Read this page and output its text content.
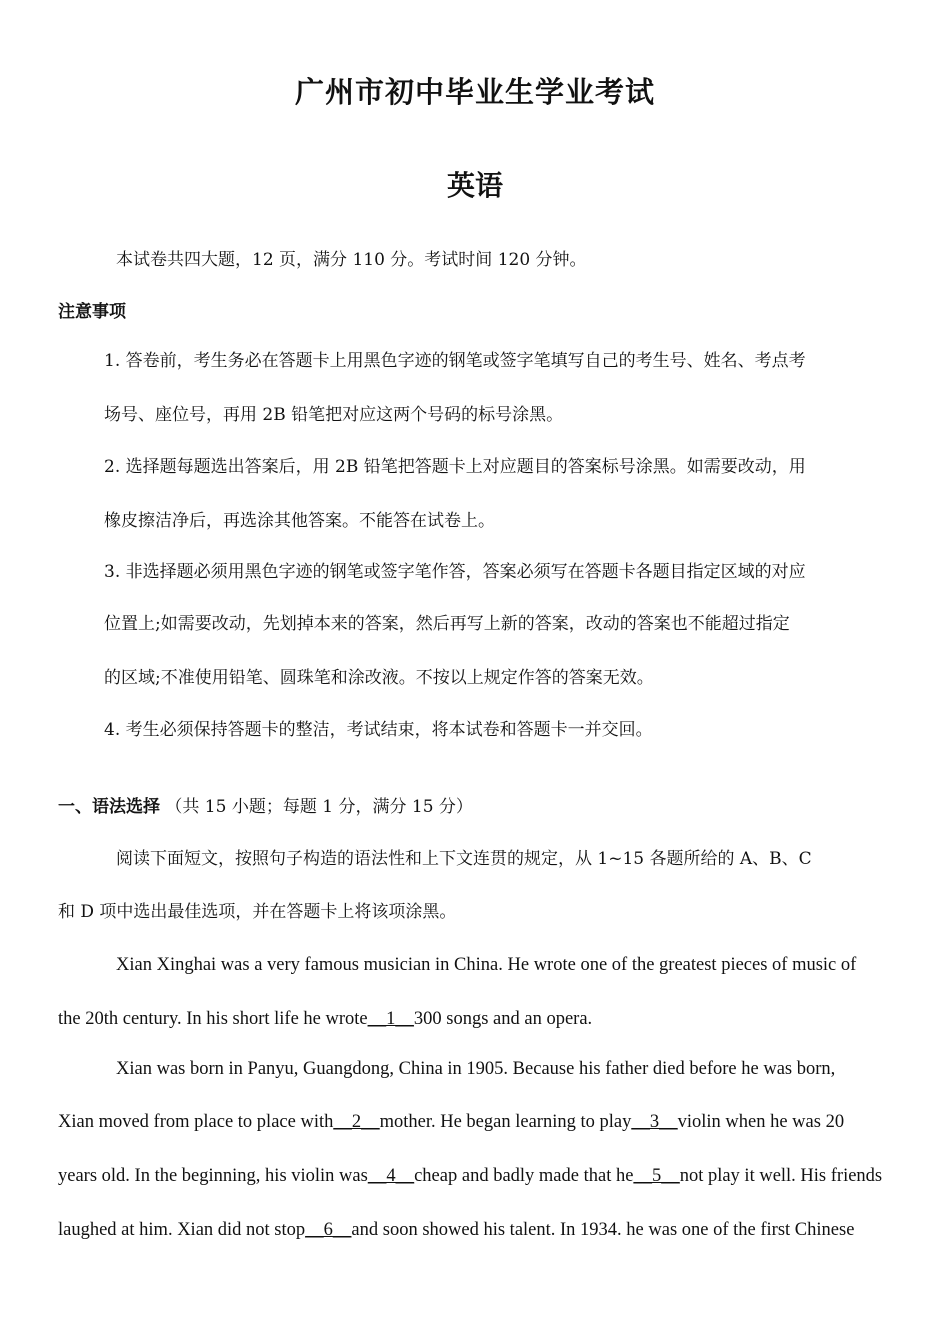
广州市初中毕业生学业考试
英语
本试卷共四大题，12 页，满分 110 分。考试时间 120 分钟。
注意事项
1. 答卷前，考生务必在答题卡上用黑色字迹的钢笔或签字笔填写自己的考生号、姓名、考点考
场号、座位号，再用 2B 铅笔把对应这两个号码的标号涂黑。
2. 选择题每题选出答案后，用 2B 铅笔把答题卡上对应题目的答案标号涂黑。如需要改动，用
橡皮擦洁净后，再选涂其他答案。不能答在试卷上。
3. 非选择题必须用黑色字迹的钢笔或签字笔作答，答案必须写在答题卡各题目指定区域的对应
位置上;如需要改动，先划掉本来的答案，然后再写上新的答案，改动的答案也不能超过指定
的区域;不准使用铅笔、圆珠笔和涂改液。不按以上规定作答的答案无效。
4. 考生必须保持答题卡的整洁，考试结束，将本试卷和答题卡一并交回。
一、语法选择 （共 15 小题；每题 1 分，满分 15 分）
阅读下面短文，按照句子构造的语法性和上下文连贯的规定，从 1~15 各题所给的 A、B、C
和 D 项中选出最佳选项，并在答题卡上将该项涂黑。
Xian Xinghai was a very famous musician in China. He wrote one of the greatest pieces of music of
the 20th century. In his short life he wrote__1__300 songs and an opera.
Xian was born in Panyu, Guangdong, China in 1905. Because his father died before he was born,
Xian moved from place to place with__2__mother. He began learning to play__3__violin when he was 20
years old. In the beginning, his violin was__4__cheap and badly made that he__5__not play it well. His friends
laughed at him. Xian did not stop__6__and soon showed his talent. In 1934. he was one of the first Chinese
